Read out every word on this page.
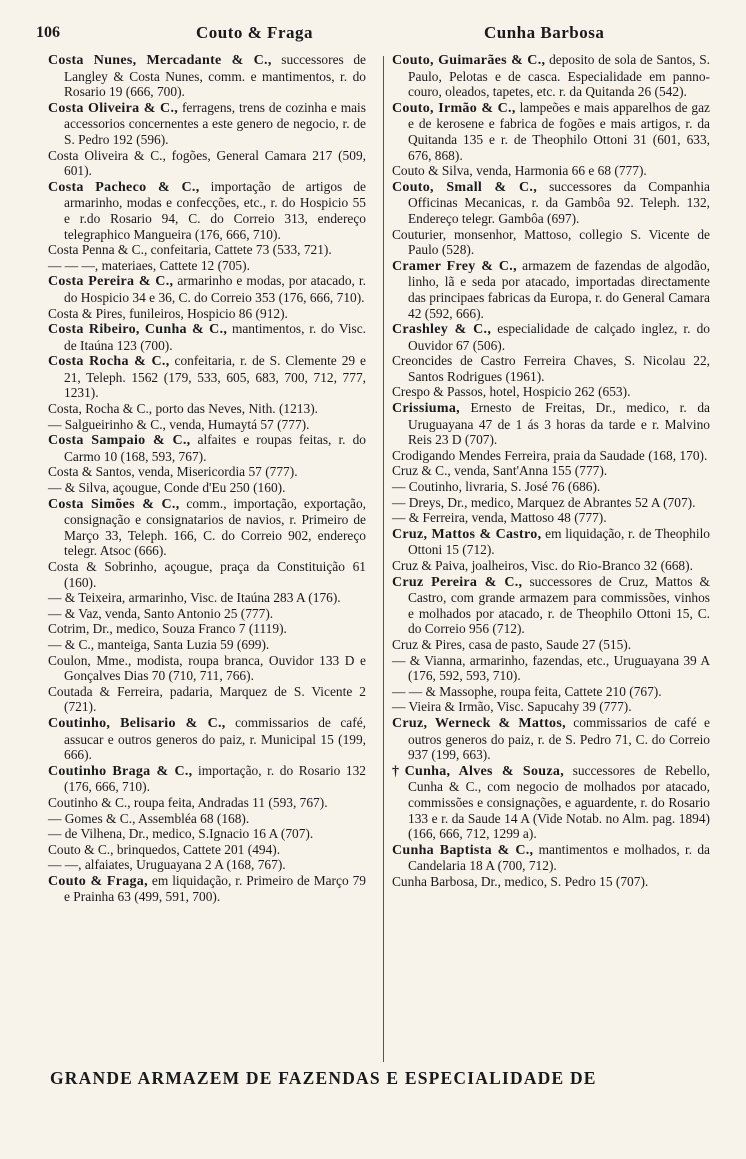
106	Couto & Fraga	Cunha Barbosa

Costa Nunes, Mercadante & C., successores de Langley & Costa Nunes, comm. e mantimentos, r. do Rosario 19 (666, 700).

Costa Oliveira & C., ferragens, trens de cozinha e mais accessorios concernentes a este genero de negocio, r. de S. Pedro 192 (596).

Costa Oliveira & C., fogões, General Camara 217 (509, 601).

Costa Pacheco & C., importação de artigos de armarinho, modas e confecções, etc., r. do Hospicio 55 e r.do Rosario 94, C. do Correio 313, endereço telegraphico Mangueira (176, 666, 710).

Costa Penna & C., confeitaria, Cattete 73 (533, 721).

— — —, materiaes, Cattete 12 (705).

Costa Pereira & C., armarinho e modas, por atacado, r. do Hospicio 34 e 36, C. do Correio 353 (176, 666, 710).

Costa & Pires, funileiros, Hospicio 86 (912).

Costa Ribeiro, Cunha & C., mantimentos, r. do Visc. de Itaúna 123 (700).

Costa Rocha & C., confeitaria, r. de S. Clemente 29 e 21, Teleph. 1562 (179, 533, 605, 683, 700, 712, 777, 1231).

Costa, Rocha & C., porto das Neves, Nith. (1213).

— Salgueirinho & C., venda, Humaytá 57 (777).

Costa Sampaio & C., alfaites e roupas feitas, r. do Carmo 10 (168, 593, 767).

Costa & Santos, venda, Misericordia 57 (777).

— & Silva, açougue, Conde d'Eu 250 (160).

Costa Simões & C., comm., importação, exportação, consignação e consignatarios de navios, r. Primeiro de Março 33, Teleph. 166, C. do Correio 902, endereço telegr. Atsoc (666).

Costa & Sobrinho, açougue, praça da Constituição 61 (160).

— & Teixeira, armarinho, Visc. de Itaúna 283 A (176).

— & Vaz, venda, Santo Antonio 25 (777).

Cotrim, Dr., medico, Souza Franco 7 (1119).

— & C., manteiga, Santa Luzia 59 (699).

Coulon, Mme., modista, roupa branca, Ouvidor 133 D e Gonçalves Dias 70 (710, 711, 766).

Coutada & Ferreira, padaria, Marquez de S. Vicente 2 (721).

Coutinho, Belisario & C., commissarios de café, assucar e outros generos do paiz, r. Municipal 15 (199, 666).

Coutinho Braga & C., importação, r. do Rosario 132 (176, 666, 710).

Coutinho & C., roupa feita, Andradas 11 (593, 767).

— Gomes & C., Assembléa 68 (168).

— de Vilhena, Dr., medico, S.Ignacio 16 A (707).

Couto & C., brinquedos, Cattete 201 (494).

— —, alfaiates, Uruguayana 2 A (168, 767).

Couto & Fraga, em liquidação, r. Primeiro de Março 79 e Prainha 63 (499, 591, 700).

Couto, Guimarães & C., deposito de sola de Santos, S. Paulo, Pelotas e de casca. Especialidade em panno-couro, oleados, tapetes, etc. r. da Quitanda 26 (542).

Couto, Irmão & C., lampeões e mais apparelhos de gaz e de kerosene e fabrica de fogões e mais artigos, r. da Quitanda 135 e r. de Theophilo Ottoni 31 (601, 633, 676, 868).

Couto & Silva, venda, Harmonia 66 e 68 (777).

Couto, Small & C., successores da Companhia Officinas Mecanicas, r. da Gambôa 92. Teleph. 132, Endereço telegr. Gambôa (697).

Couturier, monsenhor, Mattoso, collegio S. Vicente de Paulo (528).

Cramer Frey & C., armazem de fazendas de algodão, linho, lã e seda por atacado, importadas directamente das principaes fabricas da Europa, r. do General Camara 42 (592, 666).

Crashley & C., especialidade de calçado inglez, r. do Ouvidor 67 (506).

Creoncides de Castro Ferreira Chaves, S. Nicolau 22, Santos Rodrigues (1961).

Crespo & Passos, hotel, Hospicio 262 (653).

Crissiuma, Ernesto de Freitas, Dr., medico, r. da Uruguayana 47 de 1 ás 3 horas da tarde e r. Malvino Reis 23 D (707).

Crodigando Mendes Ferreira, praia da Saudade (168, 170).

Cruz & C., venda, Sant'Anna 155 (777).

— Coutinho, livraria, S. José 76 (686).

— Dreys, Dr., medico, Marquez de Abrantes 52 A (707).

— & Ferreira, venda, Mattoso 48 (777).

Cruz, Mattos & Castro, em liquidação, r. de Theophilo Ottoni 15 (712).

Cruz & Paiva, joalheiros, Visc. do Rio-Branco 32 (668).

Cruz Pereira & C., successores de Cruz, Mattos & Castro, com grande armazem para commissões, vinhos e molhados por atacado, r. de Theophilo Ottoni 15, C. do Correio 956 (712).

Cruz & Pires, casa de pasto, Saude 27 (515).

— & Vianna, armarinho, fazendas, etc., Uruguayana 39 A (176, 592, 593, 710).

— — & Massophe, roupa feita, Cattete 210 (767).

— Vieira & Irmão, Visc. Sapucahy 39 (777).

Cruz, Werneck & Mattos, commissarios de café e outros generos do paiz, r. de S. Pedro 71, C. do Correio 937 (199, 663).

†Cunha, Alves & Souza, successores de Rebello, Cunha & C., com negocio de molhados por atacado, commissões e consignações, e aguardente, r. do Rosario 133 e r. da Saude 14 A (Vide Notab. no Alm. pag. 1894) (166, 666, 712, 1299 a).

Cunha Baptista & C., mantimentos e molhados, r. da Candelaria 18 A (700, 712).

Cunha Barbosa, Dr., medico, S. Pedro 15 (707).

GRANDE ARMAZEM DE FAZENDAS E ESPECIALIDADE DE
